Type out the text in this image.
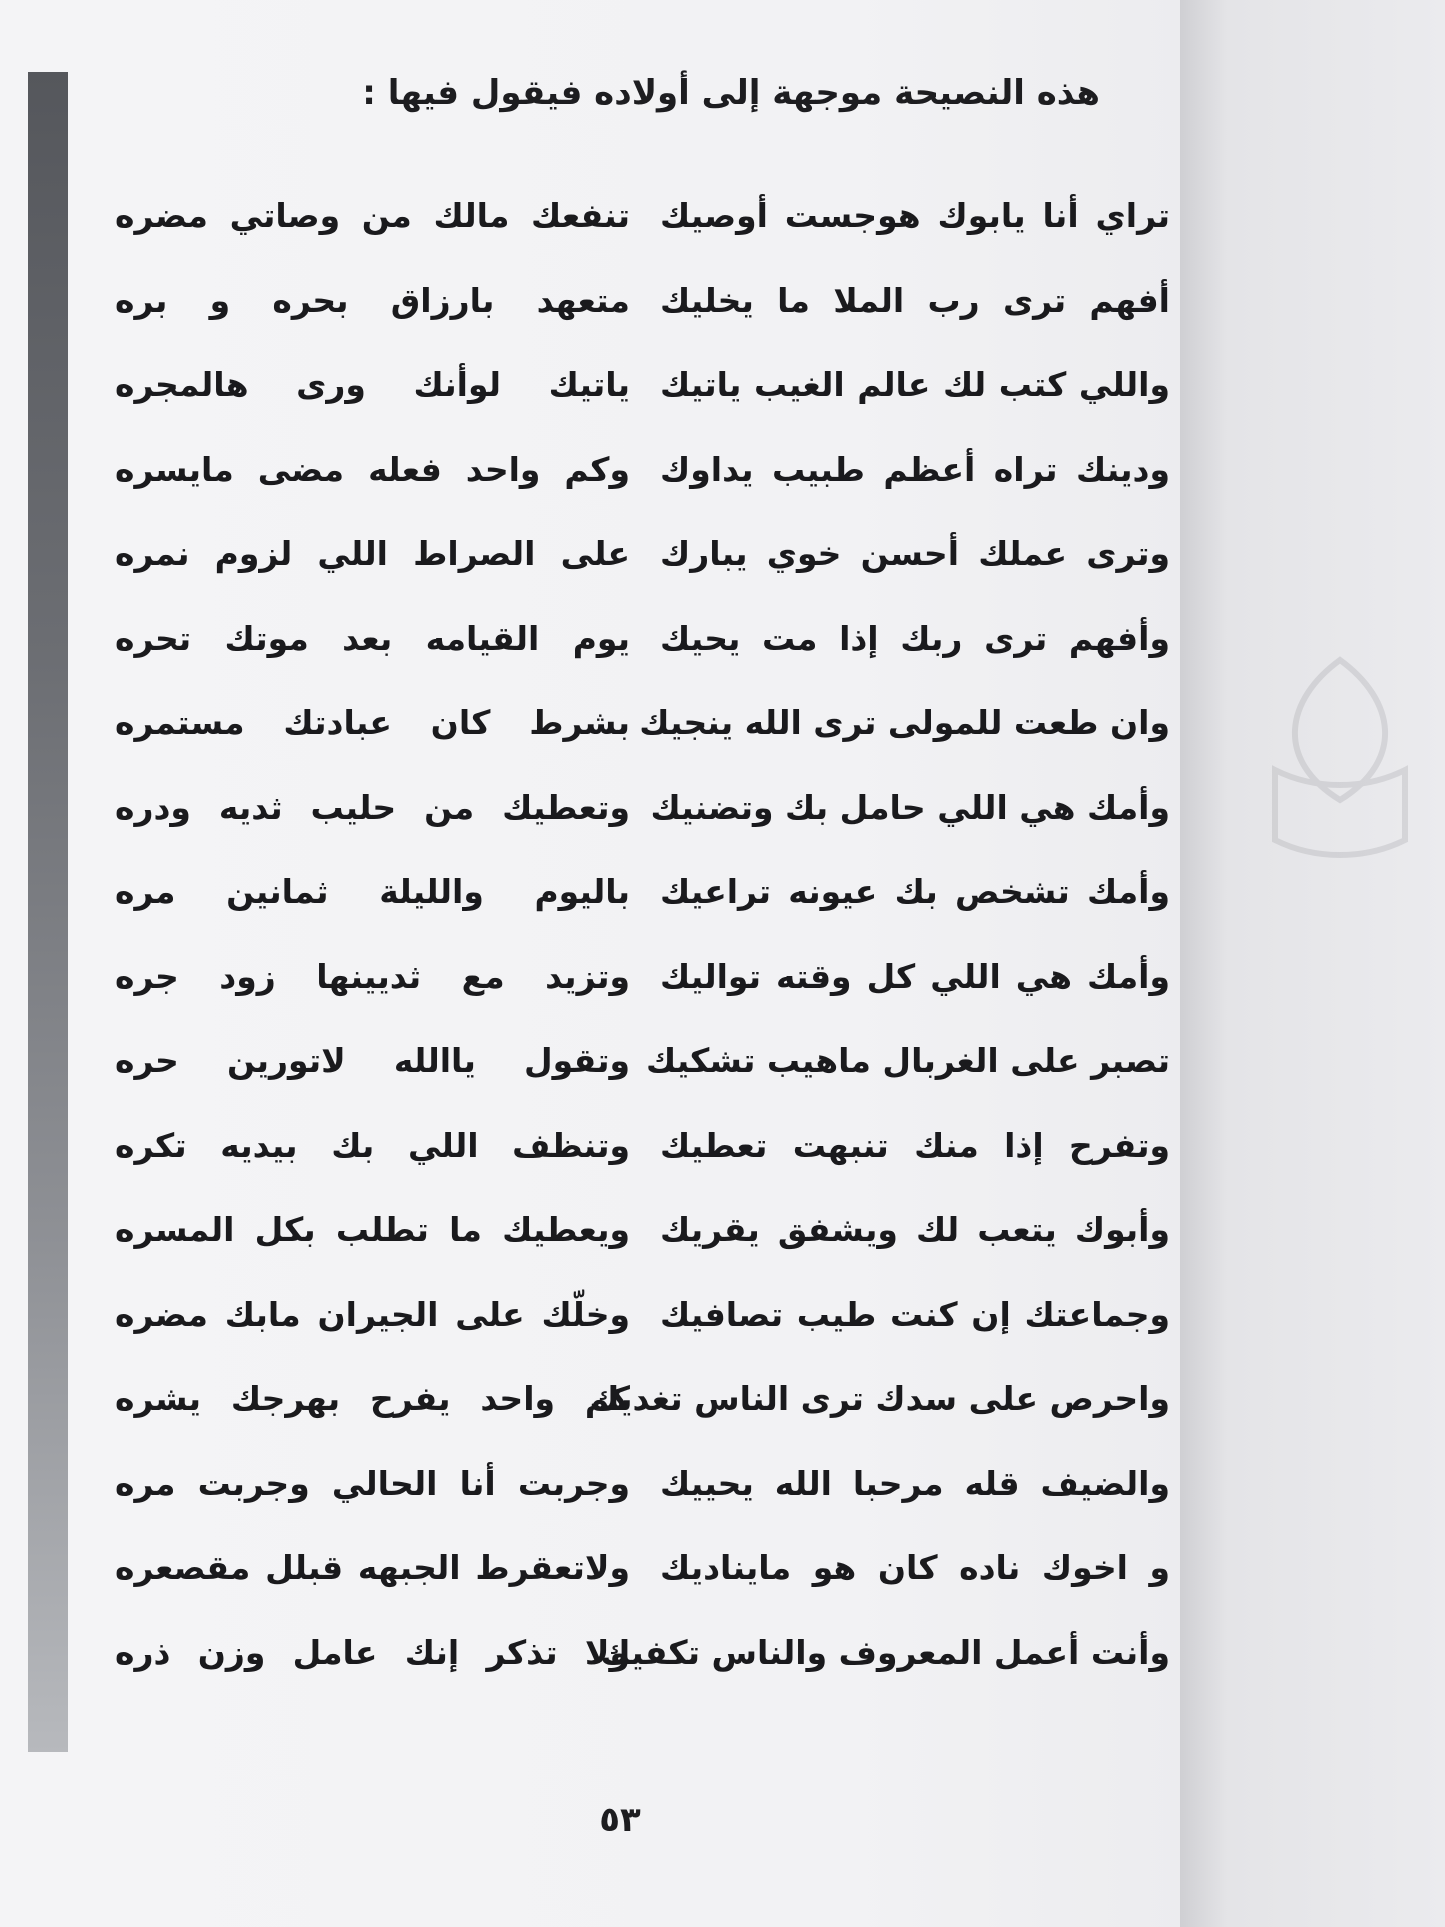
هذه النصيحة موجهة إلى أولاده فيقول فيها :
تراي أنا يابوك هوجست أوصيك
تنفعك مالك من وصاتي مضره
أفهم ترى رب الملا ما يخليك
متعهد بارزاق بحره و بره
واللي كتب لك عالم الغيب ياتيك
ياتيك لوأنك ورى هالمجره
ودينك تراه أعظم طبيب يداوك
وكم واحد فعله مضى مايسره
وترى عملك أحسن خوي يبارك
على الصراط اللي لزوم نمره
وأفهم ترى ربك إذا مت يحيك
يوم القيامه بعد موتك تحره
وان طعت للمولى ترى الله ينجيك
بشرط كان عبادتك مستمره
وأمك هي اللي حامل بك وتضنيك
وتعطيك من حليب ثديه ودره
وأمك تشخص بك عيونه تراعيك
باليوم والليلة ثمانين مره
وأمك هي اللي كل وقته تواليك
وتزيد مع ثديينها زود جره
تصبر على الغربال ماهيب تشكيك
وتقول ياالله لاتورين حره
وتفرح إذا منك تنبهت تعطيك
وتنظف اللي بك بيديه تكره
وأبوك يتعب لك ويشفق يقريك
ويعطيك ما تطلب بكل المسره
وجماعتك إن كنت طيب تصافيك
وخلّك على الجيران مابك مضره
واحرص على سدك ترى الناس تغديك
كم واحد يفرح بهرجك يشره
والضيف قله مرحبا الله يحييك
وجربت أنا الحالي وجربت مره
و اخوك ناده كان هو مايناديك
ولاتعقرط الجبهه قبلل مقصعره
وأنت أعمل المعروف والناس تكفيك
ولا تذكر إنك عامل وزن ذره
٥٣
